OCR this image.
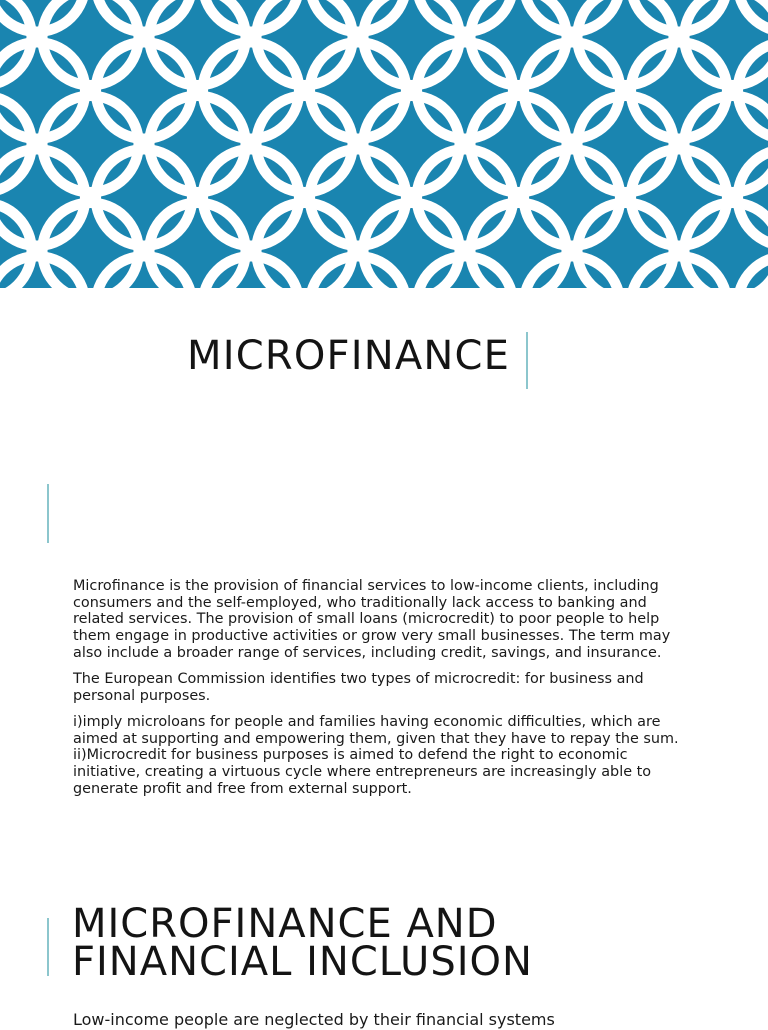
MICROFINANCE

Microfinance is the provision of financial services to low-income clients, including consumers and the self-employed, who traditionally lack access to banking and related services. The provision of small loans (microcredit) to poor people to help them engage in productive activities or grow very small businesses. The term may also include a broader range of services, including credit, savings, and insurance.

The European Commission identifies two types of microcredit: for business and personal purposes.

i)imply microloans for people and families having economic difficulties, which are aimed at supporting and empowering them, given that they have to repay the sum. ii)Microcredit for business purposes is aimed to defend the right to economic initiative, creating a virtuous cycle where entrepreneurs are increasingly able to generate profit and free from external support.

MICROFINANCE AND
FINANCIAL INCLUSION
Low-income people are neglected by their financial systems
